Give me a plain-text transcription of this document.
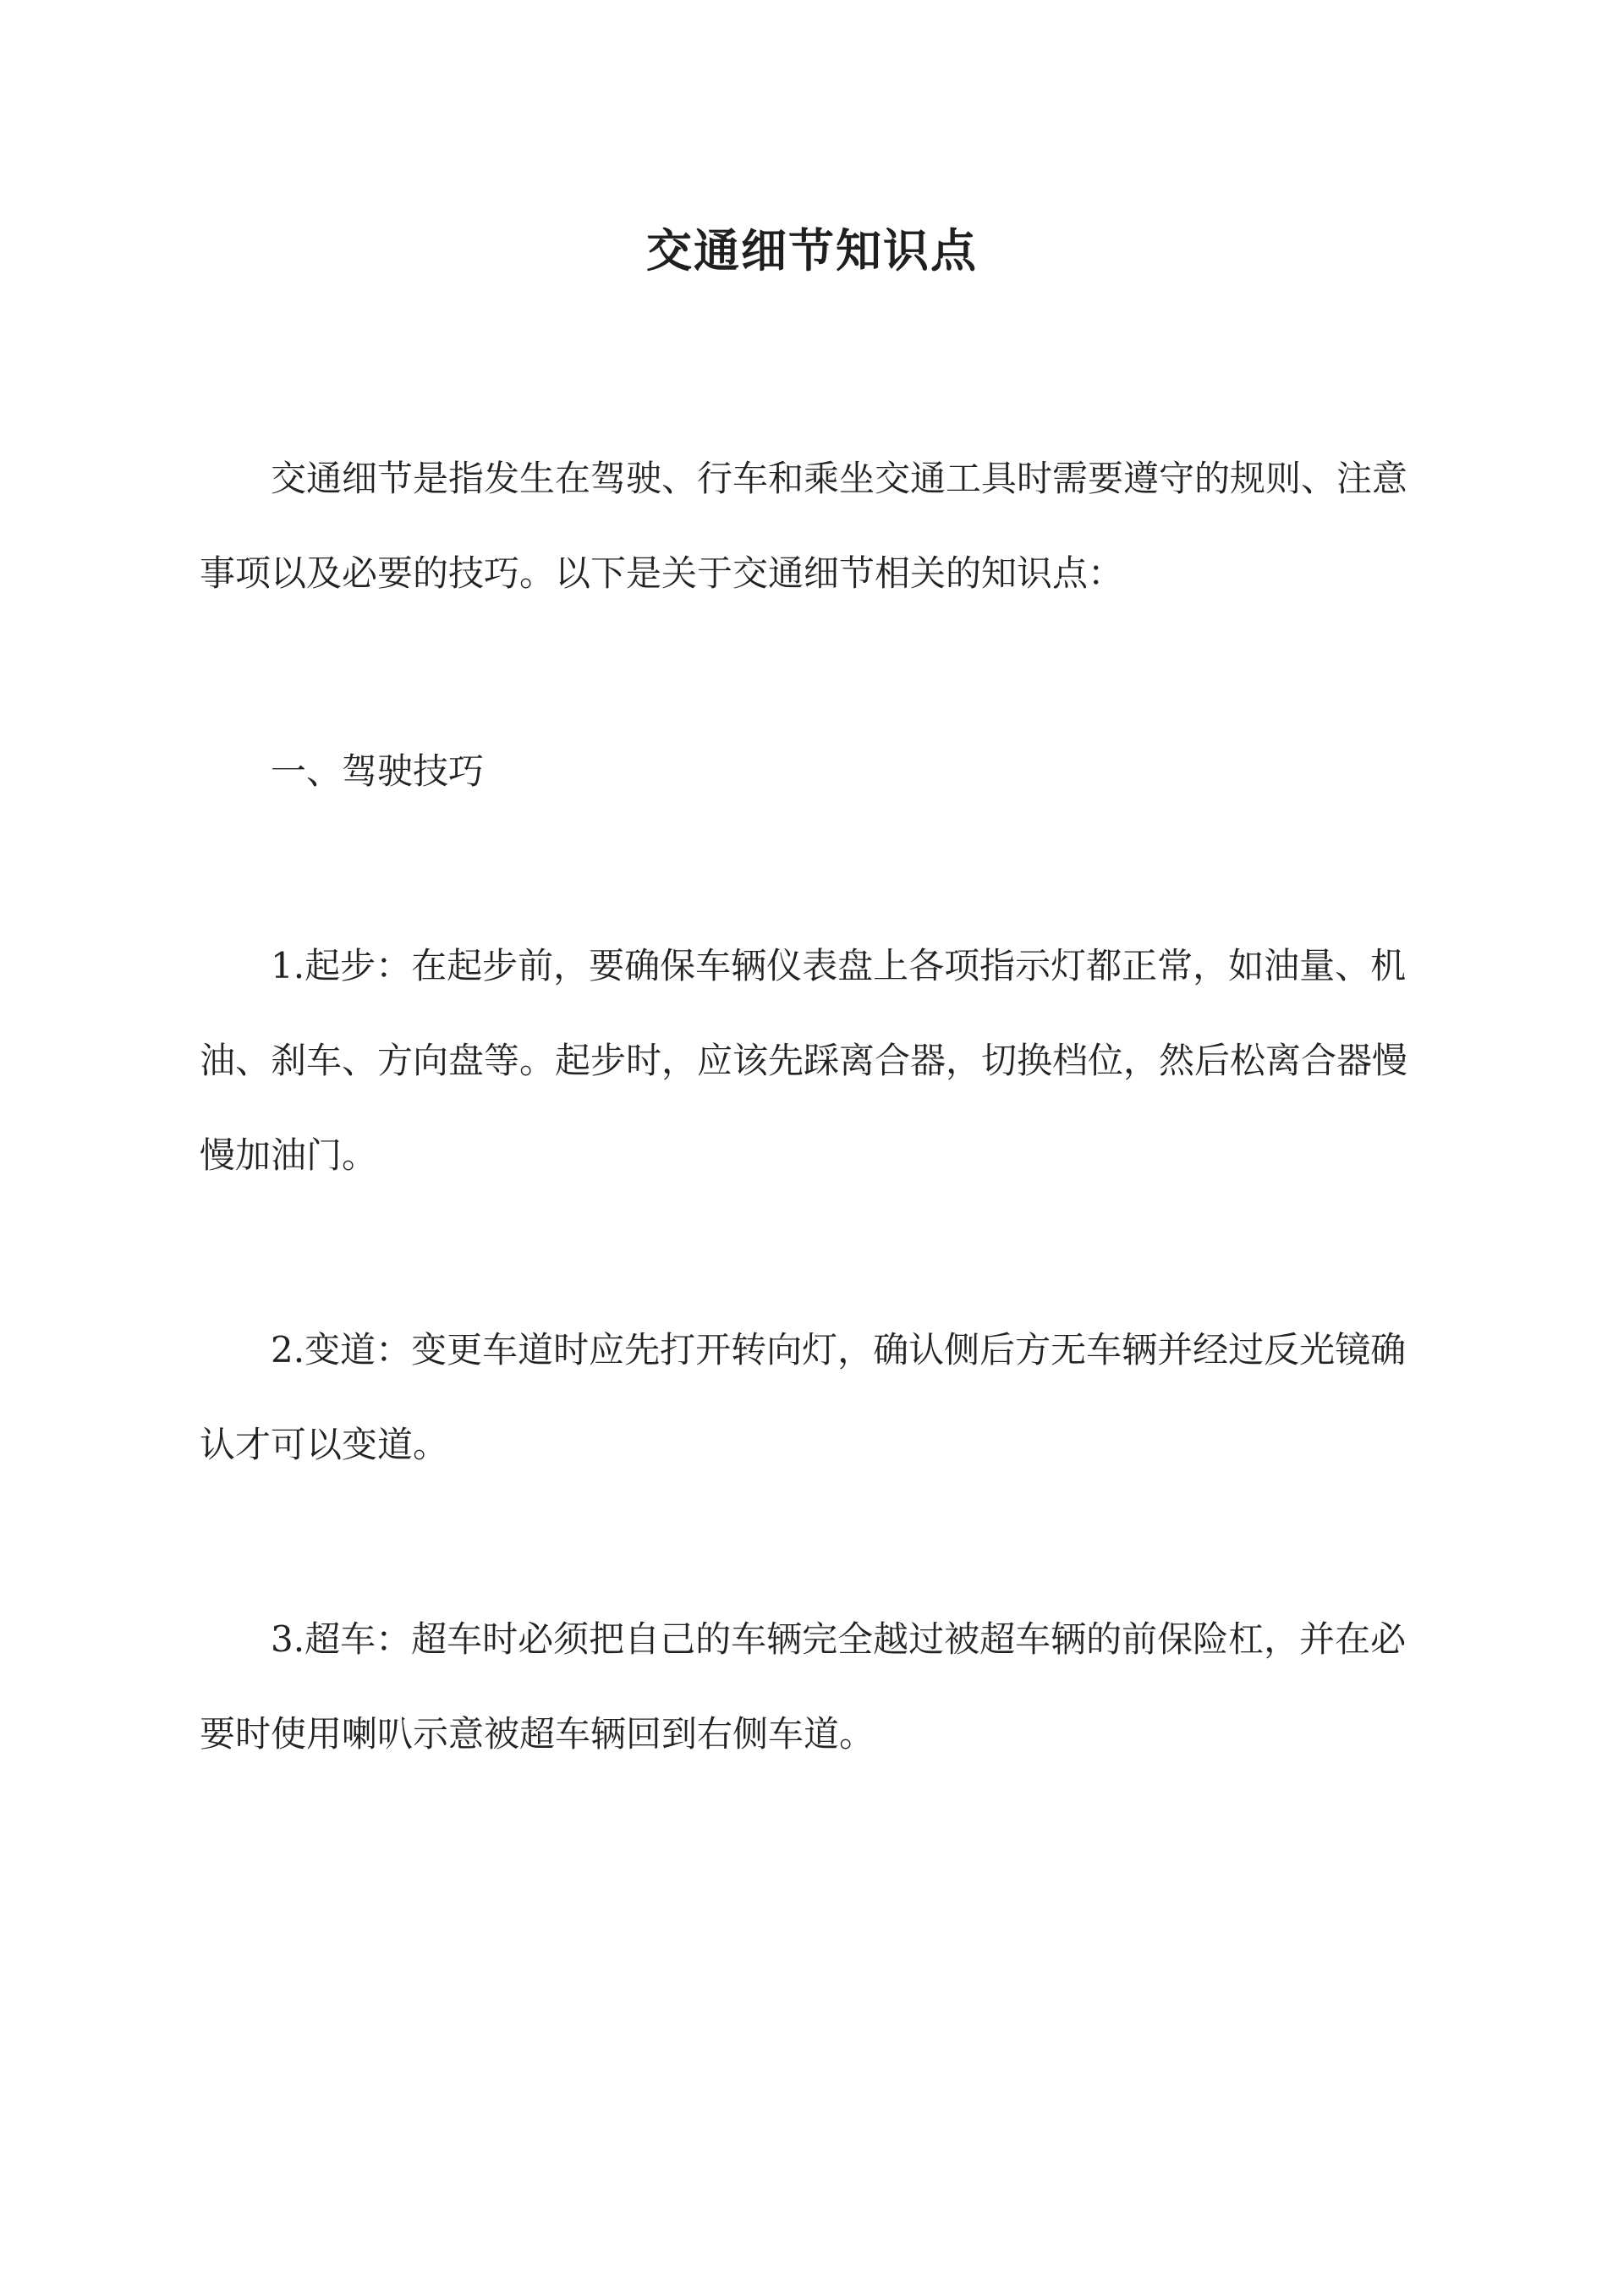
交通细节知识点

交通细节是指发生在驾驶、行车和乘坐交通工具时需要遵守的规则、注意事项以及必要的技巧。以下是关于交通细节相关的知识点：

一、驾驶技巧

1.起步：在起步前，要确保车辆仪表盘上各项指示灯都正常，如油量、机油、刹车、方向盘等。起步时，应该先踩离合器，切换档位，然后松离合器慢慢加油门。

2.变道：变更车道时应先打开转向灯，确认侧后方无车辆并经过反光镜确认才可以变道。

3.超车：超车时必须把自己的车辆完全越过被超车辆的前保险杠，并在必要时使用喇叭示意被超车辆回到右侧车道。
